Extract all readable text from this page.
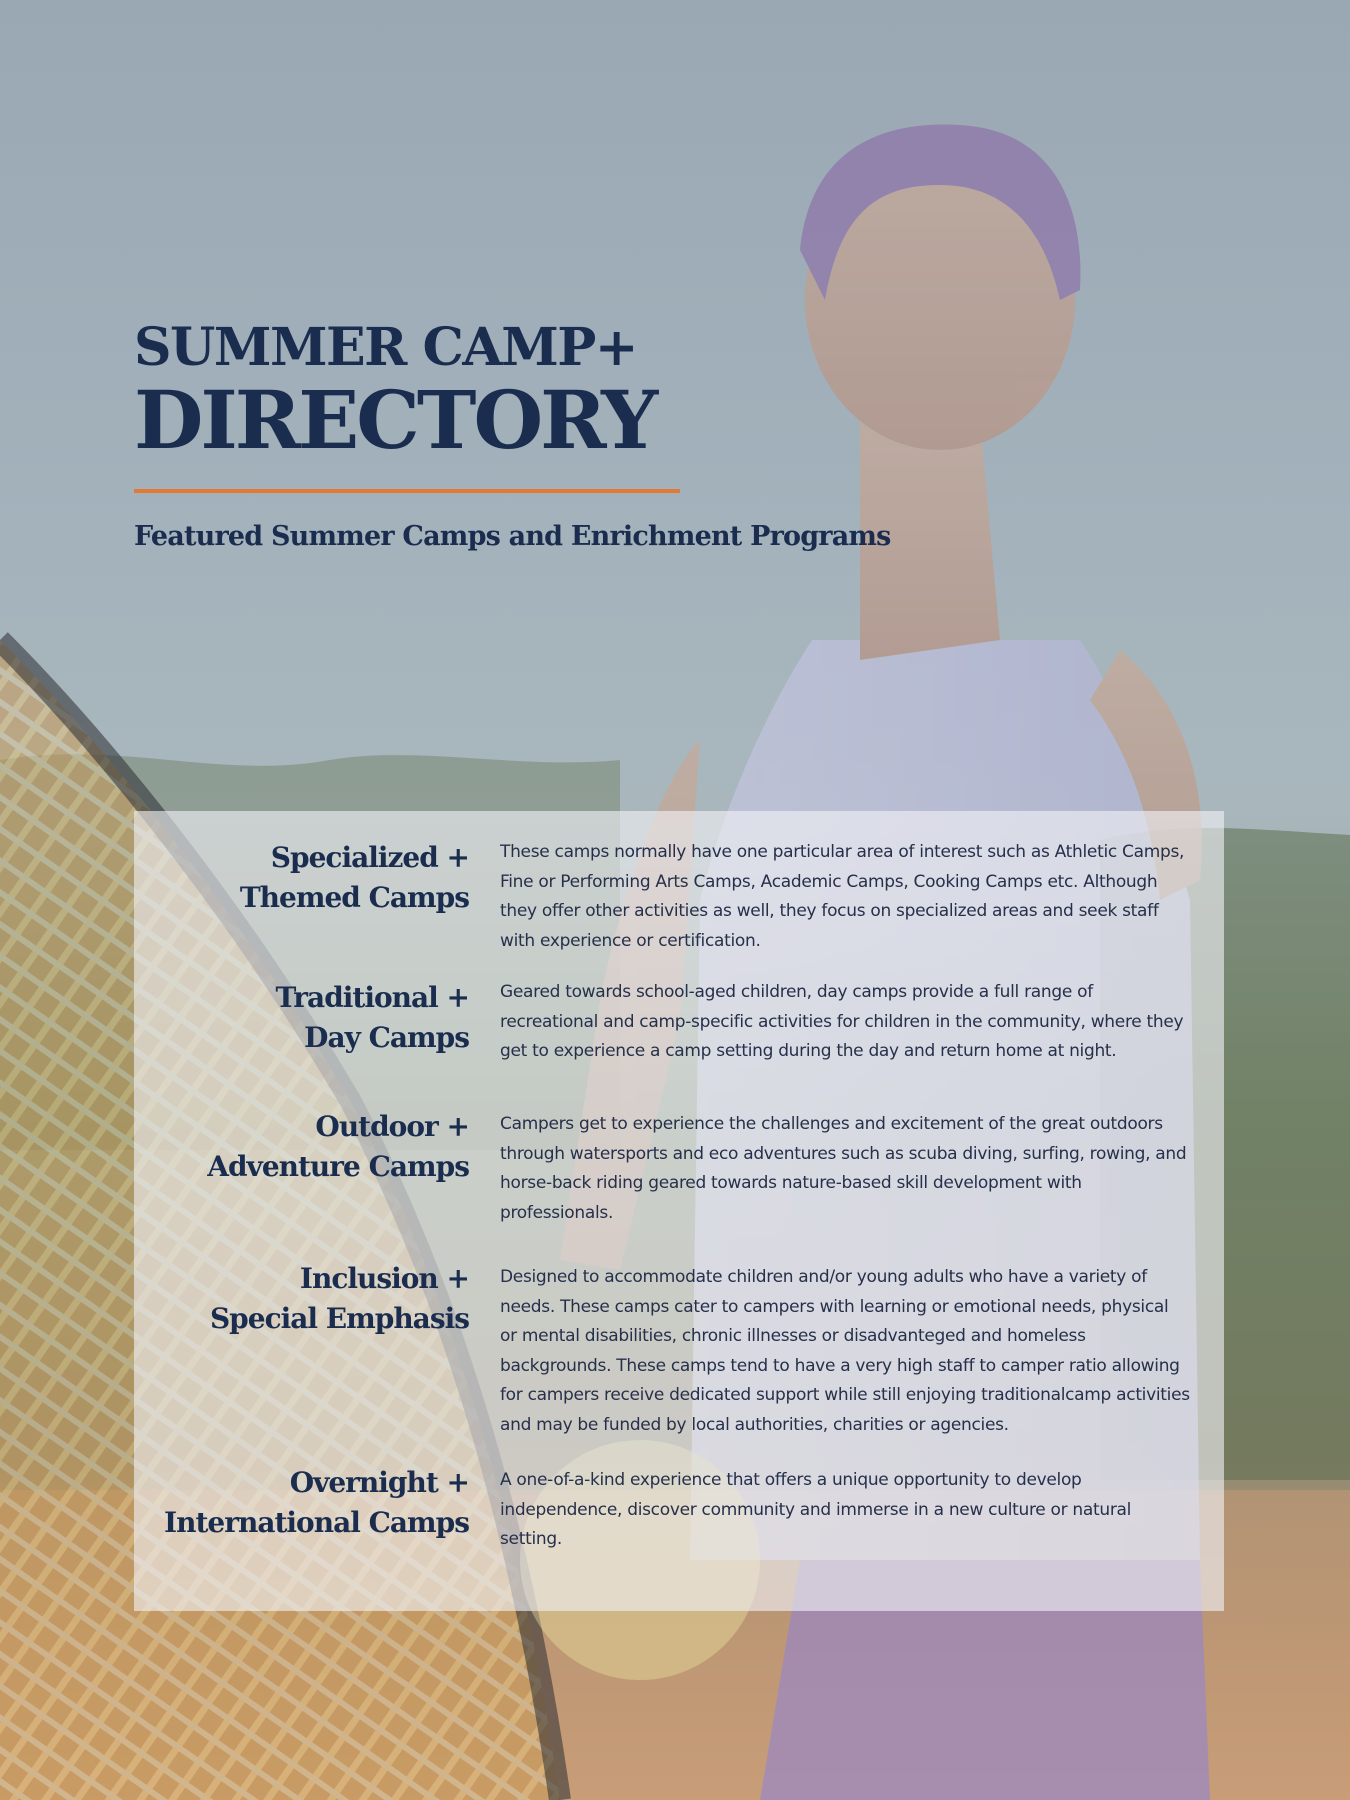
SUMMER CAMP+
DIRECTORY
Featured Summer Camps and Enrichment Programs
Specialized +
Themed Camps
These camps normally have one particular area of interest such as Athletic Camps, Fine or Performing Arts Camps, Academic Camps, Cooking Camps etc. Although they offer other activities as well, they focus on specialized areas and seek staff with experience or certification.
Traditional +
Day Camps
Geared towards school-aged children, day camps provide a full range of recreational and camp-specific activities for children in the community, where they get to experience a camp setting during the day and return home at night.
Outdoor +
Adventure Camps
Campers get to experience the challenges and excitement of the great outdoors through watersports and eco adventures such as scuba diving, surfing, rowing, and horse-back riding geared towards nature-based skill development with professionals.
Inclusion +
Special Emphasis
Designed to accommodate children and/or young adults who have a variety of needs. These camps cater to campers with learning or emotional needs, physical or mental disabilities, chronic illnesses or disadvanteged and homeless backgrounds. These camps tend to have a very high staff to camper ratio allowing for campers receive dedicated support while still enjoying traditionalcamp activities and may be funded by local authorities, charities or agencies.
Overnight +
International Camps
A one-of-a-kind experience that offers a unique opportunity to develop independence, discover community and immerse in a new culture or natural setting.
